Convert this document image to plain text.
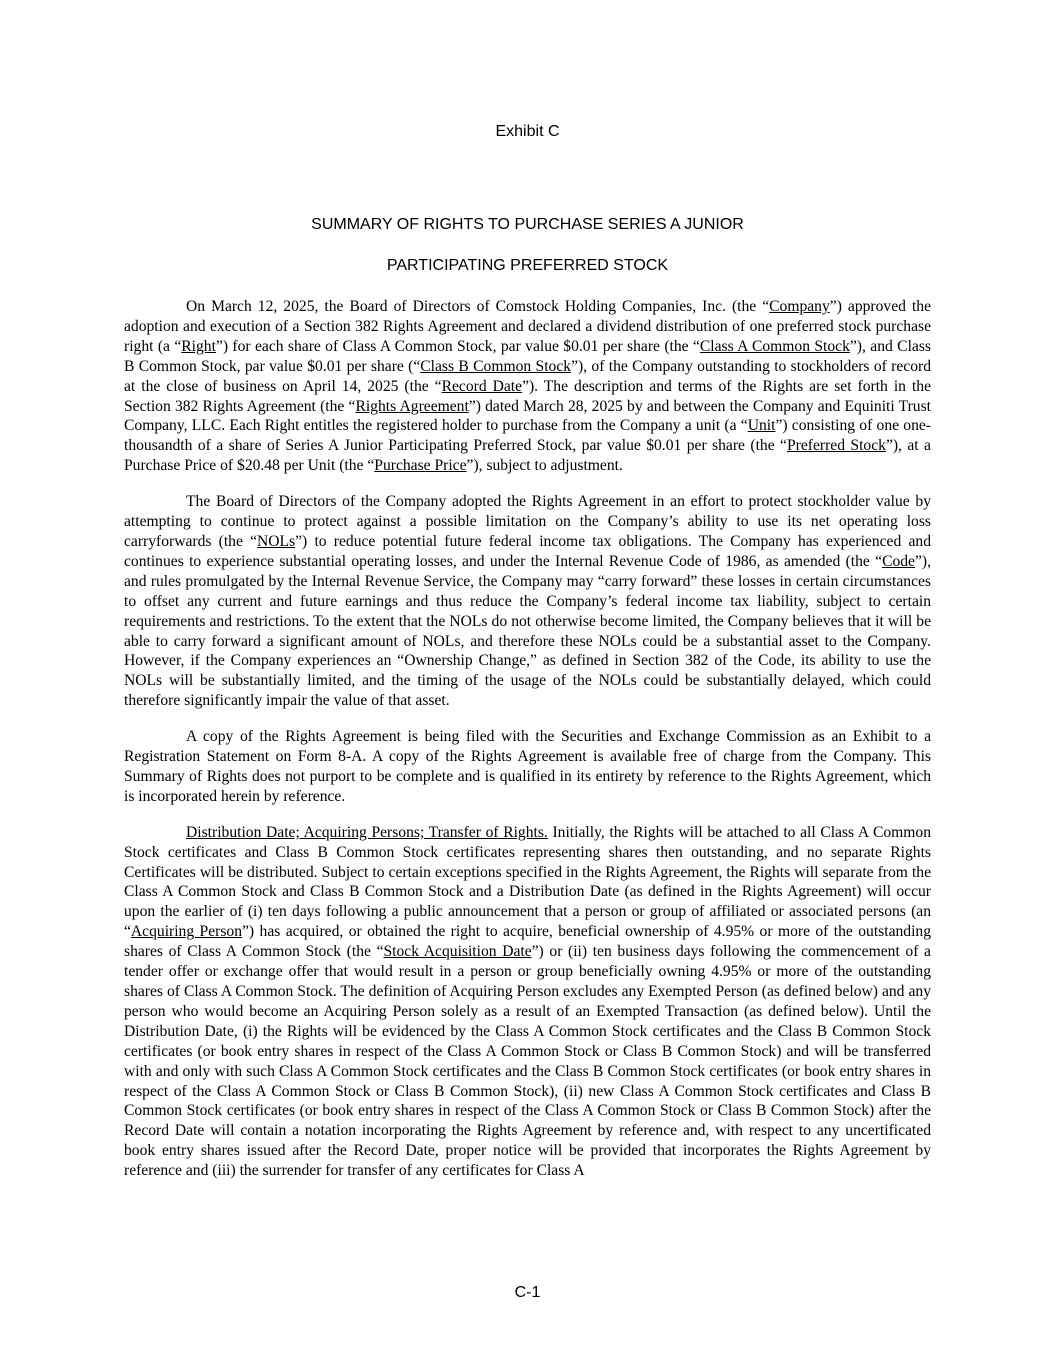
Exhibit C
SUMMARY OF RIGHTS TO PURCHASE SERIES A JUNIOR
PARTICIPATING PREFERRED STOCK

On March 12, 2025, the Board of Directors of Comstock Holding Companies, Inc. (the “Company”) approved the adoption and execution of a Section 382 Rights Agreement and declared a dividend distribution of one preferred stock purchase right (a “Right”) for each share of Class A Common Stock, par value $0.01 per share (the “Class A Common Stock”), and Class B Common Stock, par value $0.01 per share (“Class B Common Stock”), of the Company outstanding to stockholders of record at the close of business on April 14, 2025 (the “Record Date”). The description and terms of the Rights are set forth in the Section 382 Rights Agreement (the “Rights Agreement”) dated March 28, 2025 by and between the Company and Equiniti Trust Company, LLC. Each Right entitles the registered holder to purchase from the Company a unit (a “Unit”) consisting of one one-thousandth of a share of Series A Junior Participating Preferred Stock, par value $0.01 per share (the “Preferred Stock”), at a Purchase Price of $20.48 per Unit (the “Purchase Price”), subject to adjustment.

The Board of Directors of the Company adopted the Rights Agreement in an effort to protect stockholder value by attempting to continue to protect against a possible limitation on the Company’s ability to use its net operating loss carryforwards (the “NOLs”) to reduce potential future federal income tax obligations. The Company has experienced and continues to experience substantial operating losses, and under the Internal Revenue Code of 1986, as amended (the “Code”), and rules promulgated by the Internal Revenue Service, the Company may “carry forward” these losses in certain circumstances to offset any current and future earnings and thus reduce the Company’s federal income tax liability, subject to certain requirements and restrictions. To the extent that the NOLs do not otherwise become limited, the Company believes that it will be able to carry forward a significant amount of NOLs, and therefore these NOLs could be a substantial asset to the Company. However, if the Company experiences an “Ownership Change,” as defined in Section 382 of the Code, its ability to use the NOLs will be substantially limited, and the timing of the usage of the NOLs could be substantially delayed, which could therefore significantly impair the value of that asset.

A copy of the Rights Agreement is being filed with the Securities and Exchange Commission as an Exhibit to a Registration Statement on Form 8-A. A copy of the Rights Agreement is available free of charge from the Company. This Summary of Rights does not purport to be complete and is qualified in its entirety by reference to the Rights Agreement, which is incorporated herein by reference.

Distribution Date; Acquiring Persons; Transfer of Rights. Initially, the Rights will be attached to all Class A Common Stock certificates and Class B Common Stock certificates representing shares then outstanding, and no separate Rights Certificates will be distributed. Subject to certain exceptions specified in the Rights Agreement, the Rights will separate from the Class A Common Stock and Class B Common Stock and a Distribution Date (as defined in the Rights Agreement) will occur upon the earlier of (i) ten days following a public announcement that a person or group of affiliated or associated persons (an “Acquiring Person”) has acquired, or obtained the right to acquire, beneficial ownership of 4.95% or more of the outstanding shares of Class A Common Stock (the “Stock Acquisition Date”) or (ii) ten business days following the commencement of a tender offer or exchange offer that would result in a person or group beneficially owning 4.95% or more of the outstanding shares of Class A Common Stock. The definition of Acquiring Person excludes any Exempted Person (as defined below) and any person who would become an Acquiring Person solely as a result of an Exempted Transaction (as defined below). Until the Distribution Date, (i) the Rights will be evidenced by the Class A Common Stock certificates and the Class B Common Stock certificates (or book entry shares in respect of the Class A Common Stock or Class B Common Stock) and will be transferred with and only with such Class A Common Stock certificates and the Class B Common Stock certificates (or book entry shares in respect of the Class A Common Stock or Class B Common Stock), (ii) new Class A Common Stock certificates and Class B Common Stock certificates (or book entry shares in respect of the Class A Common Stock or Class B Common Stock) after the Record Date will contain a notation incorporating the Rights Agreement by reference and, with respect to any uncertificated book entry shares issued after the Record Date, proper notice will be provided that incorporates the Rights Agreement by reference and (iii) the surrender for transfer of any certificates for Class A

C-1
